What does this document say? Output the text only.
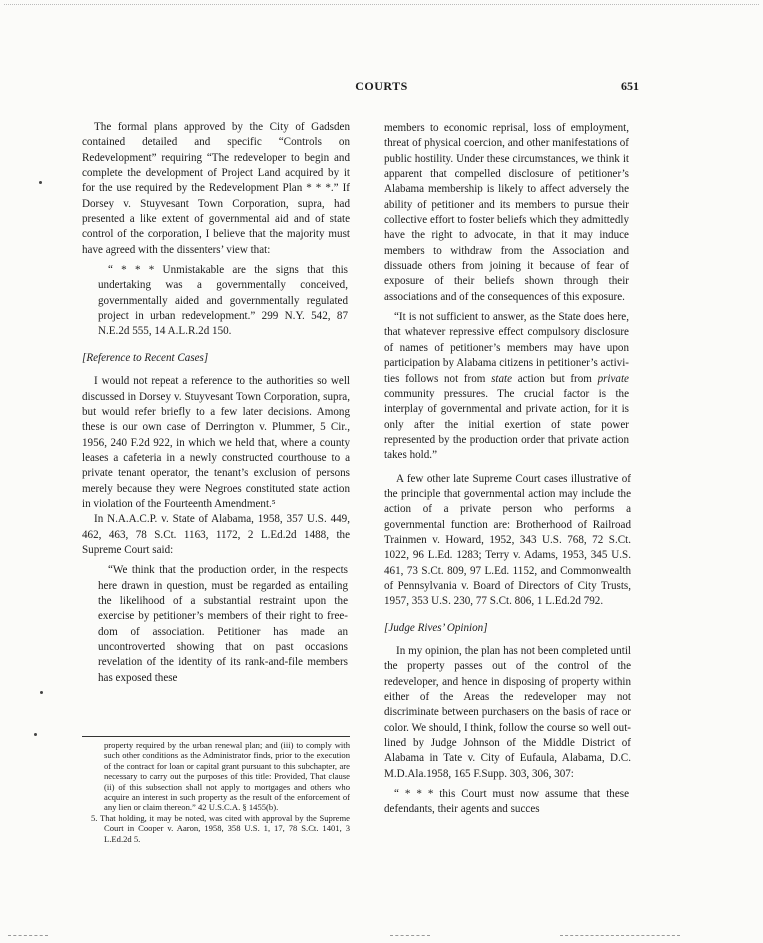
COURTS	651

The formal plans approved by the City of Gadsden contained detailed and specific “Controls on Redevelopment” requiring “The redeveloper to begin and complete the development of Project Land acquired by it for the use required by the Redevelopment Plan * * *.” If Dorsey v. Stuyvesant Town Corporation, supra, had presented a like extent of governmental aid and of state control of the corporation, I believe that the majority must have agreed with the dissenters’ view that:

“ * * * Unmistakable are the signs that this undertaking was a governmentally conceived, governmentally aided and governmentally regulated project in urban redevelopment.” 299 N.Y. 542, 87 N.E.2d 555, 14 A.L.R.2d 150.

[Reference to Recent Cases]

I would not repeat a reference to the authorities so well discussed in Dorsey v. Stuyvesant Town Corporation, supra, but would refer briefly to a few later decisions. Among these is our own case of Derrington v. Plummer, 5 Cir., 1956, 240 F.2d 922, in which we held that, where a county leases a cafeteria in a newly constructed courthouse to a private tenant operator, the tenant’s exclusion of persons merely because they were Negroes constituted state action in violation of the Fourteenth Amendment.⁵

In N.A.A.C.P. v. State of Alabama, 1958, 357 U.S. 449, 462, 463, 78 S.Ct. 1163, 1172, 2 L.Ed.2d 1488, the Supreme Court said:

“We think that the production order, in the respects here drawn in question, must be regarded as entailing the likelihood of a substantial restraint upon the exercise by petitioner’s members of their right to freedom of association. Petitioner has made an uncontroverted showing that on past occasions revelation of the identity of its rank-and-file members has exposed these

property required by the urban renewal plan; and (iii) to comply with such other conditions as the Administrator finds, prior to the execution of the contract for loan or capital grant pursuant to this subchapter, are necessary to carry out the purposes of this title: Provided, That clause (ii) of this subsection shall not apply to mortgages and others who acquire an interest in such property as the result of the enforcement of any lien or claim thereon.” 42 U.S.C.A. § 1455(b).

5. That holding, it may be noted, was cited with approval by the Supreme Court in Cooper v. Aaron, 1958, 358 U.S. 1, 17, 78 S.Ct. 1401, 3 L.Ed.2d 5.

members to economic reprisal, loss of employment, threat of physical coercion, and other manifestations of public hostility. Under these circumstances, we think it apparent that compelled disclosure of petitioner’s Alabama membership is likely to affect adversely the ability of petitioner and its members to pursue their collective effort to foster beliefs which they admittedly have the right to advocate, in that it may induce members to withdraw from the Association and dissuade others from joining it because of fear of exposure of their beliefs shown through their associations and of the consequences of this exposure.

“It is not sufficient to answer, as the State does here, that whatever repressive effect compulsory disclosure of names of petitioner’s members may have upon participation by Alabama citizens in petitioner’s activities follows not from state action but from private community pressures. The crucial factor is the interplay of governmental and private action, for it is only after the initial exertion of state power represented by the production order that private action takes hold.”

A few other late Supreme Court cases illustrative of the principle that governmental action may include the action of a private person who performs a governmental function are: Brotherhood of Railroad Trainmen v. Howard, 1952, 343 U.S. 768, 72 S.Ct. 1022, 96 L.Ed. 1283; Terry v. Adams, 1953, 345 U.S. 461, 73 S.Ct. 809, 97 L.Ed. 1152, and Commonwealth of Pennsylvania v. Board of Directors of City Trusts, 1957, 353 U.S. 230, 77 S.Ct. 806, 1 L.Ed.2d 792.

[Judge Rives’ Opinion]

In my opinion, the plan has not been completed until the property passes out of the control of the redeveloper, and hence in disposing of property within either of the Areas the redeveloper may not discriminate between purchasers on the basis of race or color. We should, I think, follow the course so well outlined by Judge Johnson of the Middle District of Alabama in Tate v. City of Eufaula, Alabama, D.C. M.D.Ala.1958, 165 F.Supp. 303, 306, 307:

“ * * * this Court must now assume that these defendants, their agents and succes
